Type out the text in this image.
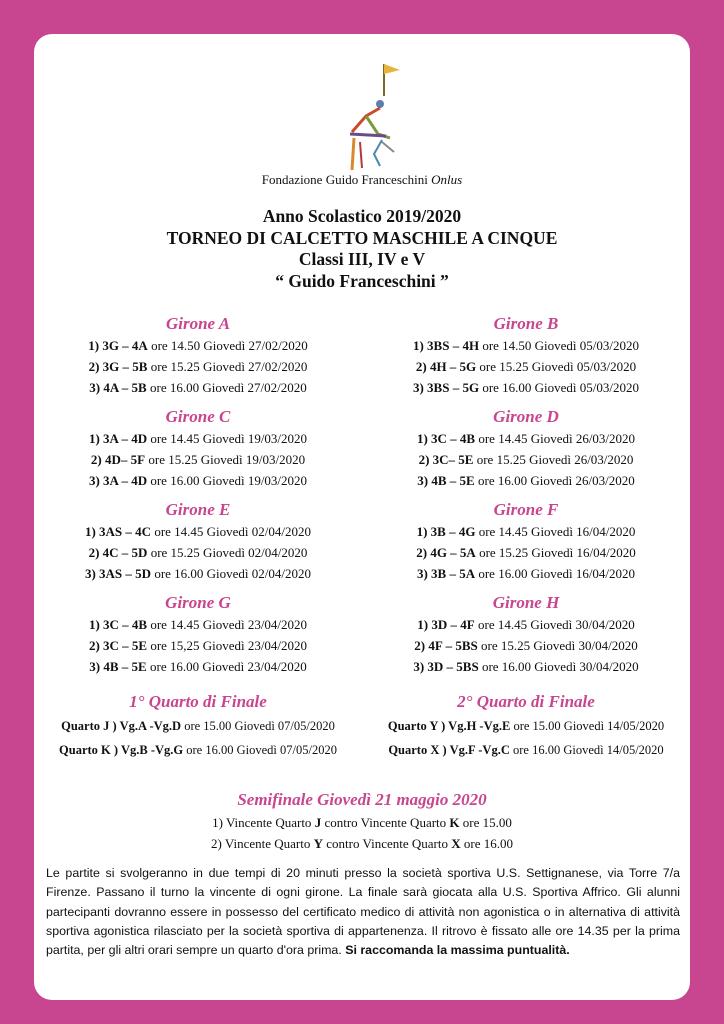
Fondazione Guido Franceschini Onlus
Anno Scolastico 2019/2020
TORNEO DI CALCETTO MASCHILE A CINQUE
Classi III, IV e V
“ Guido Franceschini ”
Girone A
1) 3G – 4A ore 14.50 Giovedì 27/02/2020
2) 3G – 5B ore 15.25 Giovedì 27/02/2020
3) 4A – 5B ore 16.00 Giovedì 27/02/2020
Girone B
1) 3BS – 4H ore 14.50 Giovedì 05/03/2020
2) 4H – 5G ore 15.25 Giovedì 05/03/2020
3) 3BS – 5G ore 16.00 Giovedì 05/03/2020
Girone C
1) 3A – 4D ore 14.45 Giovedì 19/03/2020
2) 4D– 5F ore 15.25 Giovedì 19/03/2020
3) 3A – 4D ore 16.00 Giovedì 19/03/2020
Girone D
1) 3C – 4B ore 14.45 Giovedì 26/03/2020
2) 3C– 5E ore 15.25 Giovedì 26/03/2020
3) 4B – 5E ore 16.00 Giovedì 26/03/2020
Girone E
1) 3AS – 4C ore 14.45 Giovedì 02/04/2020
2) 4C – 5D ore 15.25 Giovedì 02/04/2020
3) 3AS – 5D ore 16.00 Giovedì 02/04/2020
Girone F
1) 3B – 4G ore 14.45 Giovedì 16/04/2020
2) 4G – 5A ore 15.25 Giovedì 16/04/2020
3) 3B – 5A ore 16.00 Giovedì 16/04/2020
Girone G
1) 3C – 4B ore 14.45 Giovedì 23/04/2020
2) 3C – 5E ore 15,25 Giovedì 23/04/2020
3) 4B – 5E ore 16.00 Giovedì 23/04/2020
Girone H
1) 3D – 4F ore 14.45 Giovedì 30/04/2020
2) 4F – 5BS ore 15.25 Giovedì 30/04/2020
3) 3D – 5BS ore 16.00 Giovedì 30/04/2020
1° Quarto di Finale
Quarto J ) Vg.A -Vg.D ore 15.00 Giovedì 07/05/2020
Quarto K ) Vg.B -Vg.G ore 16.00 Giovedì 07/05/2020
2° Quarto di Finale
Quarto Y ) Vg.H -Vg.E ore 15.00 Giovedì 14/05/2020
Quarto X ) Vg.F -Vg.C ore 16.00 Giovedì 14/05/2020
Semifinale Giovedì 21 maggio 2020
1) Vincente Quarto J contro Vincente Quarto K ore 15.00
2) Vincente Quarto Y contro Vincente Quarto X ore 16.00
Le partite si svolgeranno in due tempi di 20 minuti presso la società sportiva U.S. Settignanese, via Torre 7/a Firenze. Passano il turno la vincente di ogni girone. La finale sarà giocata alla U.S. Sportiva Affrico. Gli alunni partecipanti dovranno essere in possesso del certificato medico di attività non agonistica o in alternativa di attività sportiva agonistica rilasciato per la società sportiva di appartenenza. Il ritrovo è fissato alle ore 14.35 per la prima partita, per gli altri orari sempre un quarto d'ora prima. Si raccomanda la massima puntualità.
